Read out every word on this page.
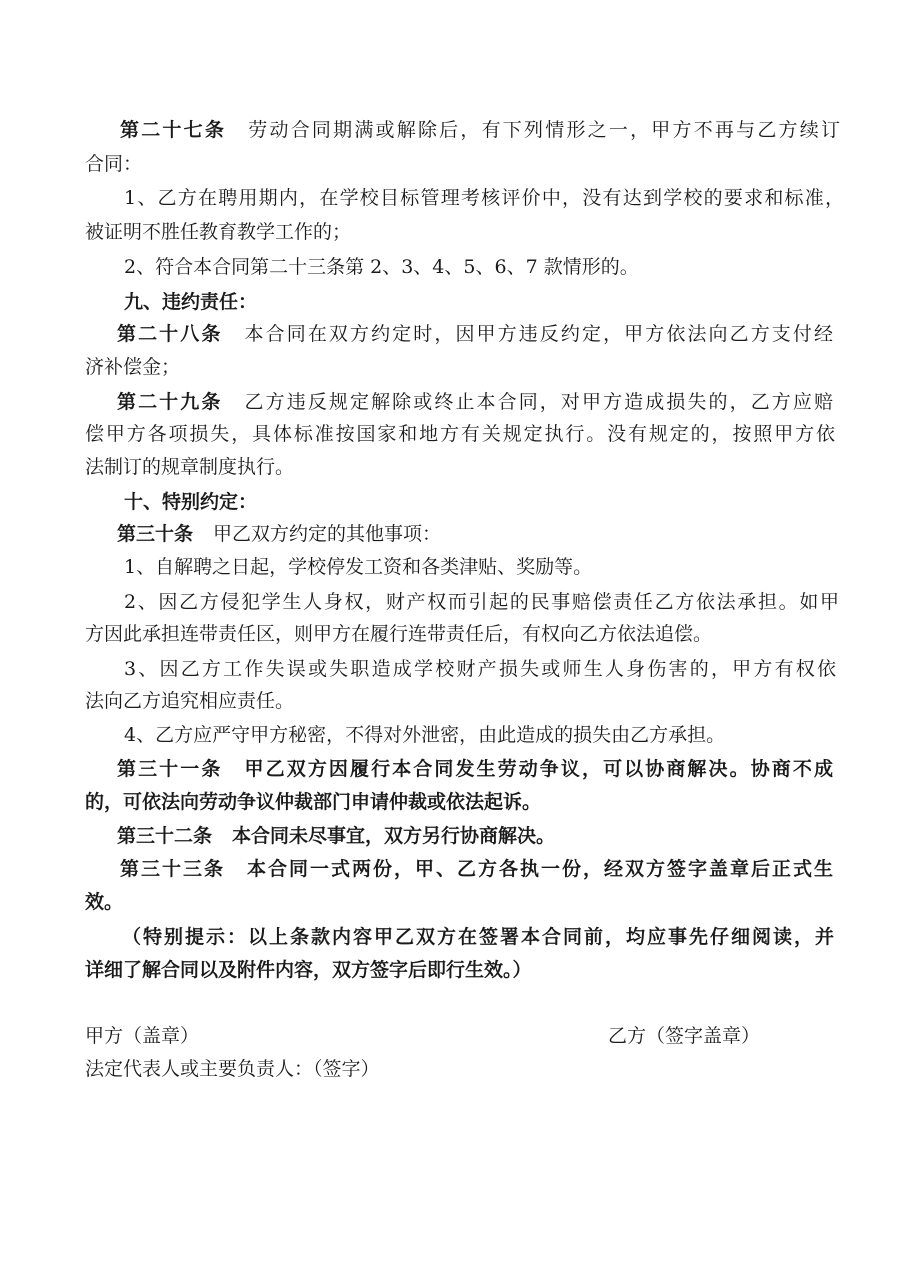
第二十七条 劳动合同期满或解除后，有下列情形之一，甲方不再与乙方续订
合同：
1、乙方在聘用期内，在学校目标管理考核评价中，没有达到学校的要求和标准，
被证明不胜任教育教学工作的；
2、符合本合同第二十三条第 2、3、4、5、6、7 款情形的。
九、违约责任：
第二十八条 本合同在双方约定时，因甲方违反约定，甲方依法向乙方支付经
济补偿金；
第二十九条 乙方违反规定解除或终止本合同，对甲方造成损失的，乙方应赔
偿甲方各项损失，具体标准按国家和地方有关规定执行。没有规定的，按照甲方依
法制订的规章制度执行。
十、特别约定：
第三十条 甲乙双方约定的其他事项：
1、自解聘之日起，学校停发工资和各类津贴、奖励等。
2、因乙方侵犯学生人身权，财产权而引起的民事赔偿责任乙方依法承担。如甲
方因此承担连带责任区，则甲方在履行连带责任后，有权向乙方依法追偿。
3、因乙方工作失误或失职造成学校财产损失或师生人身伤害的，甲方有权依
法向乙方追究相应责任。
4、乙方应严守甲方秘密，不得对外泄密，由此造成的损失由乙方承担。
第三十一条 甲乙双方因履行本合同发生劳动争议，可以协商解决。协商不成
的，可依法向劳动争议仲裁部门申请仲裁或依法起诉。
第三十二条 本合同未尽事宜，双方另行协商解决。
第三十三条 本合同一式两份，甲、乙方各执一份，经双方签字盖章后正式生
效。
（特别提示：以上条款内容甲乙双方在签署本合同前，均应事先仔细阅读，并
详细了解合同以及附件内容，双方签字后即行生效。）
甲方（盖章）	乙方（签字盖章）
法定代表人或主要负责人：（签字）
